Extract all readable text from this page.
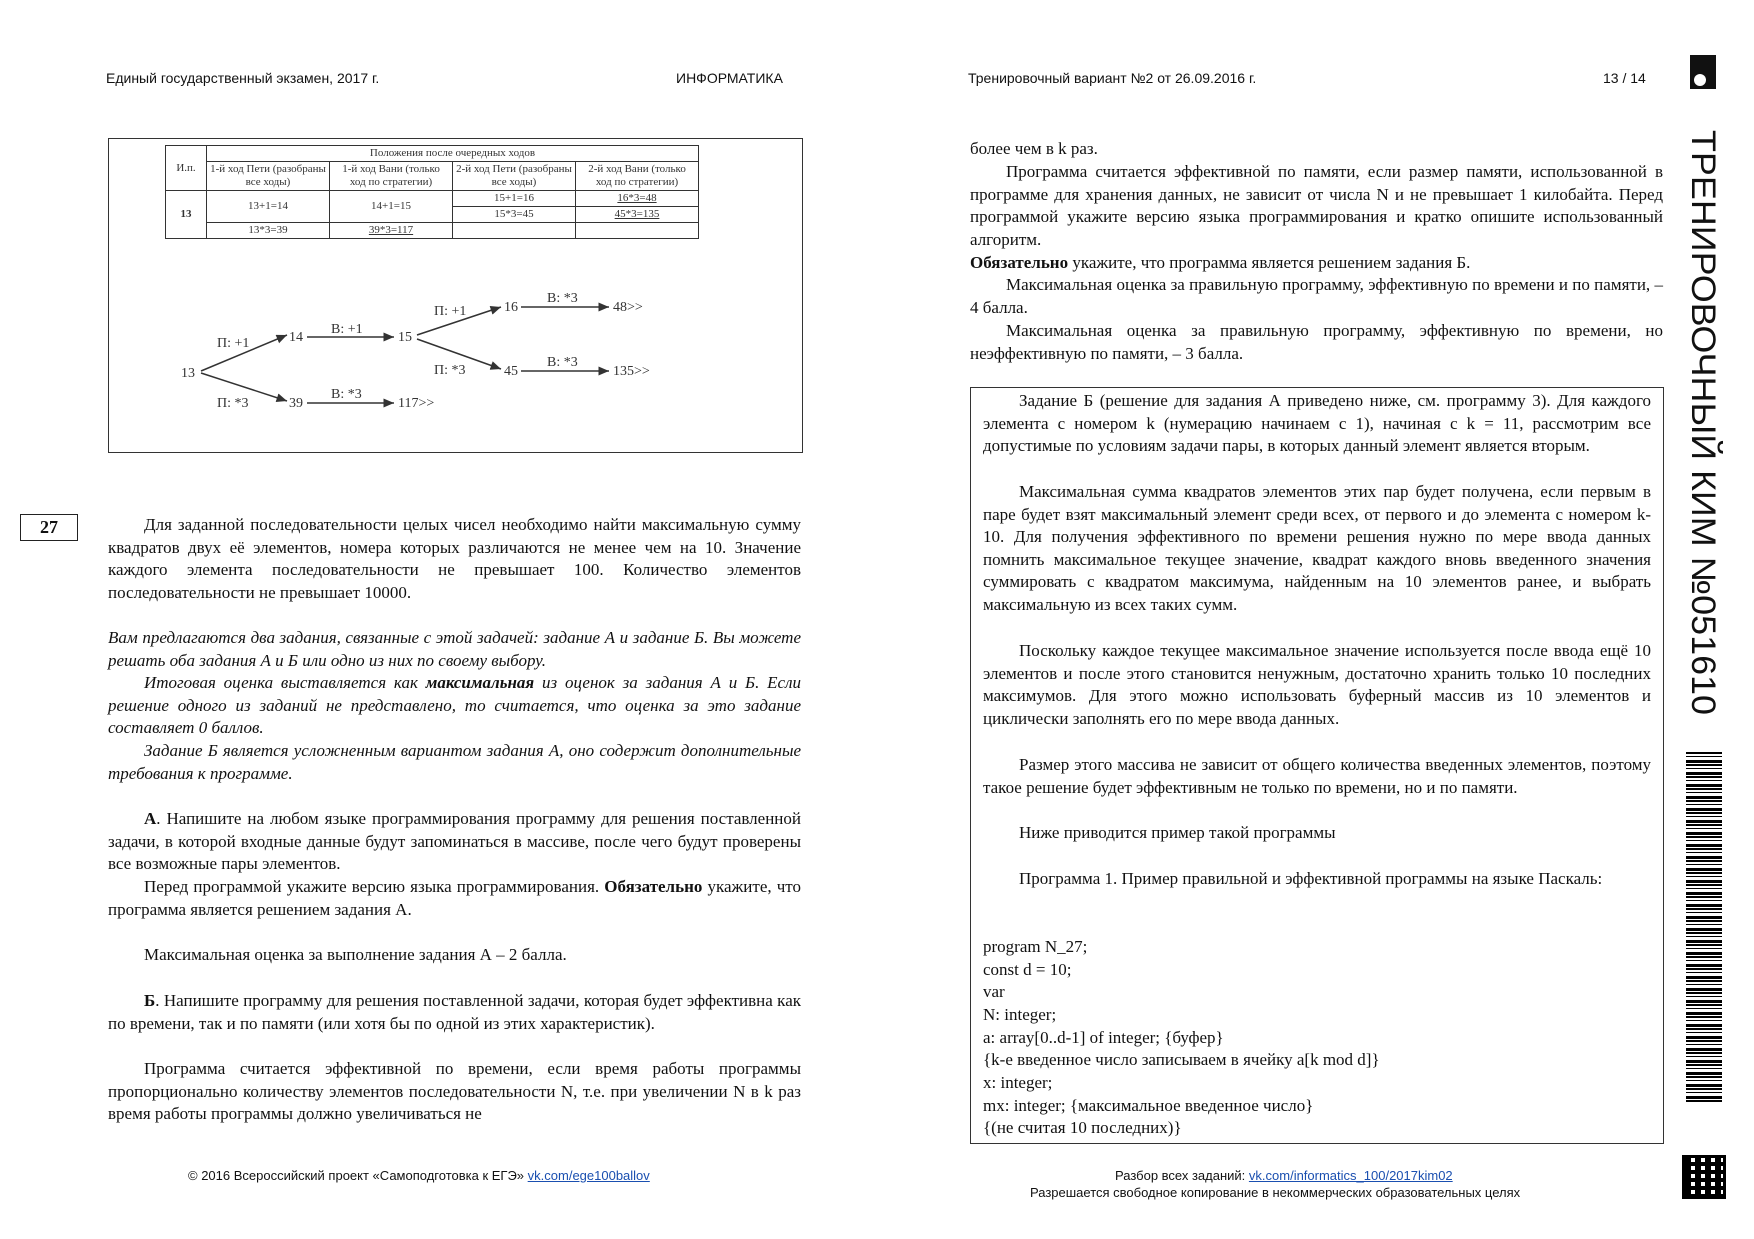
Единый государственный экзамен, 2017 г.	ИНФОРМАТИКА	Тренировочный вариант №2 от 26.09.2016 г.	13 / 14
ТРЕНИРОВОЧНЫЙ КИМ №051610
И.п.	Положения после очередных ходов			
	1-й ход Пети (разобраны все ходы)	1-й ход Вани (только ход по стратегии)	2-й ход Пети (разобраны все ходы)	2-й ход Вани (только ход по стратегии)
13	13+1=14	14+1=15	15+1=16	16*3=48
			15*3=45	45*3=135
	13*3=39	39*3=117		
13
14
39
15
117>>
16
45
48>>
135>>
П: +1
П: *3
В: +1
В: *3
П: +1
П: *3
В: *3
В: *3
27	Для заданной последовательности целых чисел необходимо найти максимальную сумму квадратов двух её элементов, номера которых различаются не менее чем на 10. Значение каждого элемента последовательности не превышает 100. Количество элементов последовательности не превышает 10000.

Вам предлагаются два задания, связанные с этой задачей: задание А и задание Б. Вы можете решать оба задания А и Б или одно из них по своему выбору.

Итоговая оценка выставляется как максимальная из оценок за задания А и Б. Если решение одного из заданий не представлено, то считается, что оценка за это задание составляет 0 баллов.

Задание Б является усложненным вариантом задания А, оно содержит дополнительные требования к программе.

А. Напишите на любом языке программирования программу для решения поставленной задачи, в которой входные данные будут запоминаться в массиве, после чего будут проверены все возможные пары элементов.

Перед программой укажите версию языка программирования. Обязательно укажите, что программа является решением задания А.

Максимальная оценка за выполнение задания А – 2 балла.

Б. Напишите программу для решения поставленной задачи, которая будет эффективна как по времени, так и по памяти (или хотя бы по одной из этих характеристик).

Программа считается эффективной по времени, если время работы программы пропорционально количеству элементов последовательности N, т.е. при увеличении N в k раз время работы программы должно увеличиваться не

более чем в k раз.

Программа считается эффективной по памяти, если размер памяти, использованной в программе для хранения данных, не зависит от числа N и не превышает 1 килобайта. Перед программой укажите версию языка программирования и кратко опишите использованный алгоритм.

Обязательно укажите, что программа является решением задания Б.

Максимальная оценка за правильную программу, эффективную по времени и по памяти, – 4 балла.

Максимальная оценка за правильную программу, эффективную по времени, но неэффективную по памяти, – 3 балла.

Задание Б (решение для задания А приведено ниже, см. программу 3). Для каждого элемента с номером k (нумерацию начинаем с 1), начиная с k = 11, рассмотрим все допустимые по условиям задачи пары, в которых данный элемент является вторым.

Максимальная сумма квадратов элементов этих пар будет получена, если первым в паре будет взят максимальный элемент среди всех, от первого и до элемента с номером k-10. Для получения эффективного по времени решения нужно по мере ввода данных помнить максимальное текущее значение, квадрат каждого вновь введенного значения суммировать с квадратом максимума, найденным на 10 элементов ранее, и выбрать максимальную из всех таких сумм.

Поскольку каждое текущее максимальное значение используется после ввода ещё 10 элементов и после этого становится ненужным, достаточно хранить только 10 последних максимумов. Для этого можно использовать буферный массив из 10 элементов и циклически заполнять его по мере ввода данных.

Размер этого массива не зависит от общего количества введенных элементов, поэтому такое решение будет эффективным не только по времени, но и по памяти.

Ниже приводится пример такой программы

Программа 1. Пример правильной и эффективной программы на языке Паскаль:

program N_27;

const d = 10;

var

N: integer;

a: array[0..d-1] of integer; {буфер}

{k-е введенное число записываем в ячейку a[k mod d]}

x: integer;

mx: integer; {максимальное введенное число}

{(не считая 10 последних)}

© 2016 Всероссийский проект «Самоподготовка к ЕГЭ» vk.com/ege100ballov	Разбор всех заданий: vk.com/informatics_100/2017kim02
Разрешается свободное копирование в некоммерческих образовательных целях
